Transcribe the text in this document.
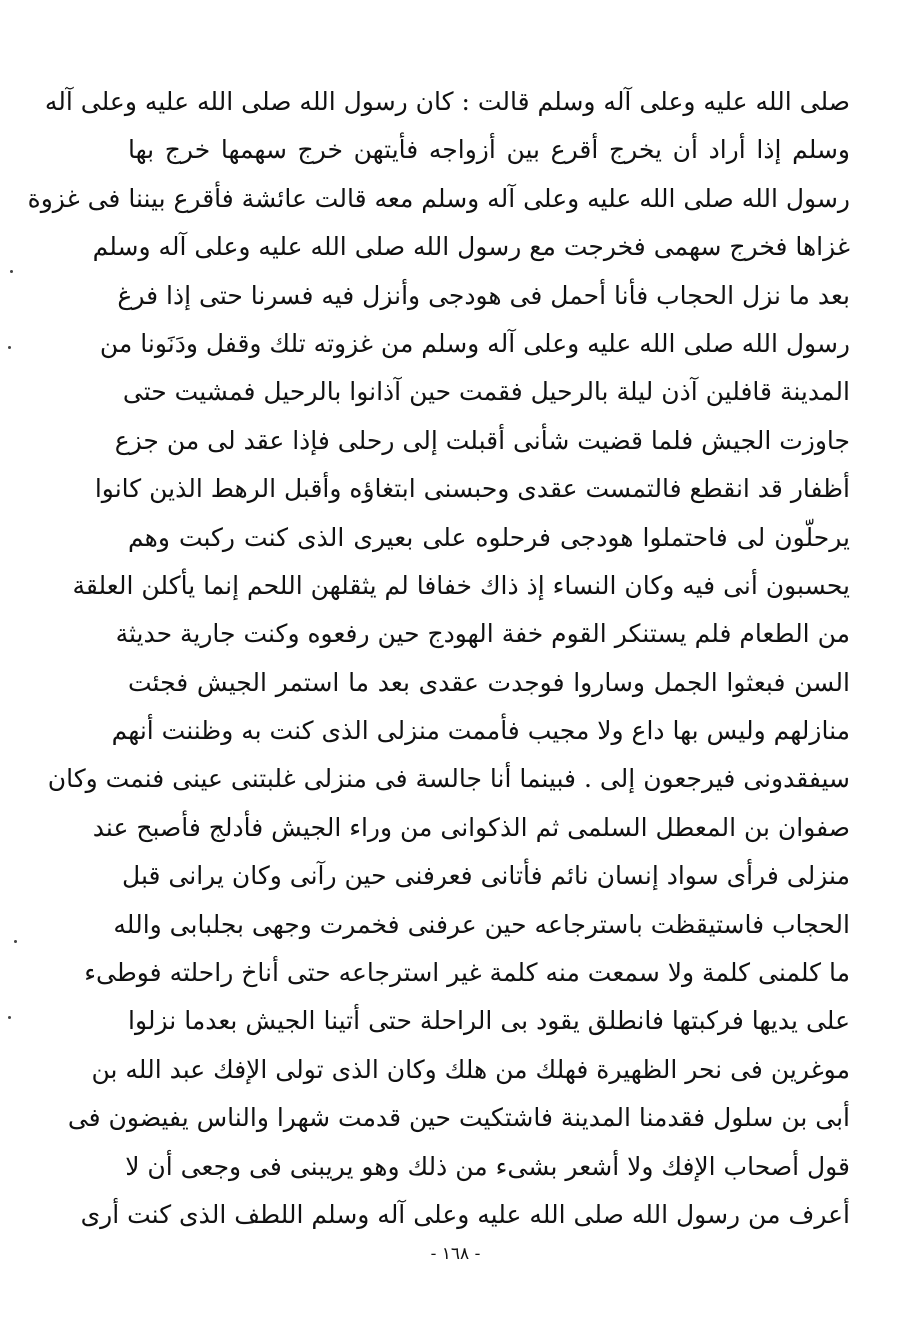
صلى الله عليه وعلى آله وسلم قالت : كان رسول الله صلى الله عليه وعلى آله
وسلم إذا أراد أن يخرج أقرع بين أزواجه فأيتهن خرج سهمها خرج بها
رسول الله صلى الله عليه وعلى آله وسلم معه قالت عائشة فأقرع بيننا فى غزوة
غزاها فخرج سهمى فخرجت مع رسول الله صلى الله عليه وعلى آله وسلم
بعد ما نزل الحجاب فأنا أحمل فى هودجى وأنزل فيه فسرنا حتى إذا فرغ
رسول الله صلى الله عليه وعلى آله وسلم من غزوته تلك وقفل ودَنَونا من
المدينة قافلين آذن ليلة بالرحيل فقمت حين آذانوا بالرحيل فمشيت حتى
جاوزت الجيش فلما قضيت شأنى أقبلت إلى رحلى فإذا عقد لى من جزع
أظفار قد انقطع فالتمست عقدى وحبسنى ابتغاؤه وأقبل الرهط الذين كانوا
يرحلّون لى فاحتملوا هودجى فرحلوه على بعيرى الذى كنت ركبت وهم
يحسبون أنى فيه وكان النساء إذ ذاك خفافا لم يثقلهن اللحم إنما يأكلن العلقة
من الطعام فلم يستنكر القوم خفة الهودج حين رفعوه وكنت جارية حديثة
السن فبعثوا الجمل وساروا فوجدت عقدى بعد ما استمر الجيش فجئت
منازلهم وليس بها داع ولا مجيب فأممت منزلى الذى كنت به وظننت أنهم
سيفقدونى فيرجعون إلى . فبينما أنا جالسة فى منزلى غلبتنى عينى فنمت وكان
صفوان بن المعطل السلمى ثم الذكوانى من وراء الجيش فأدلج فأصبح عند
منزلى فرأى سواد إنسان نائم فأتانى فعرفنى حين رآنى وكان يرانى قبل
الحجاب فاستيقظت باسترجاعه حين عرفنى فخمرت وجهى بجلبابى والله
ما كلمنى كلمة ولا سمعت منه كلمة غير استرجاعه حتى أناخ راحلته فوطىء
على يديها فركبتها فانطلق يقود بى الراحلة حتى أتينا الجيش بعدما نزلوا
موغرين فى نحر الظهيرة فهلك من هلك وكان الذى تولى الإفك عبد الله بن
أبى بن سلول فقدمنا المدينة فاشتكيت حين قدمت شهرا والناس يفيضون فى
قول أصحاب الإفك ولا أشعر بشىء من ذلك وهو يريبنى فى وجعى أن لا
أعرف من رسول الله صلى الله عليه وعلى آله وسلم اللطف الذى كنت أرى
- ١٦٨ -
